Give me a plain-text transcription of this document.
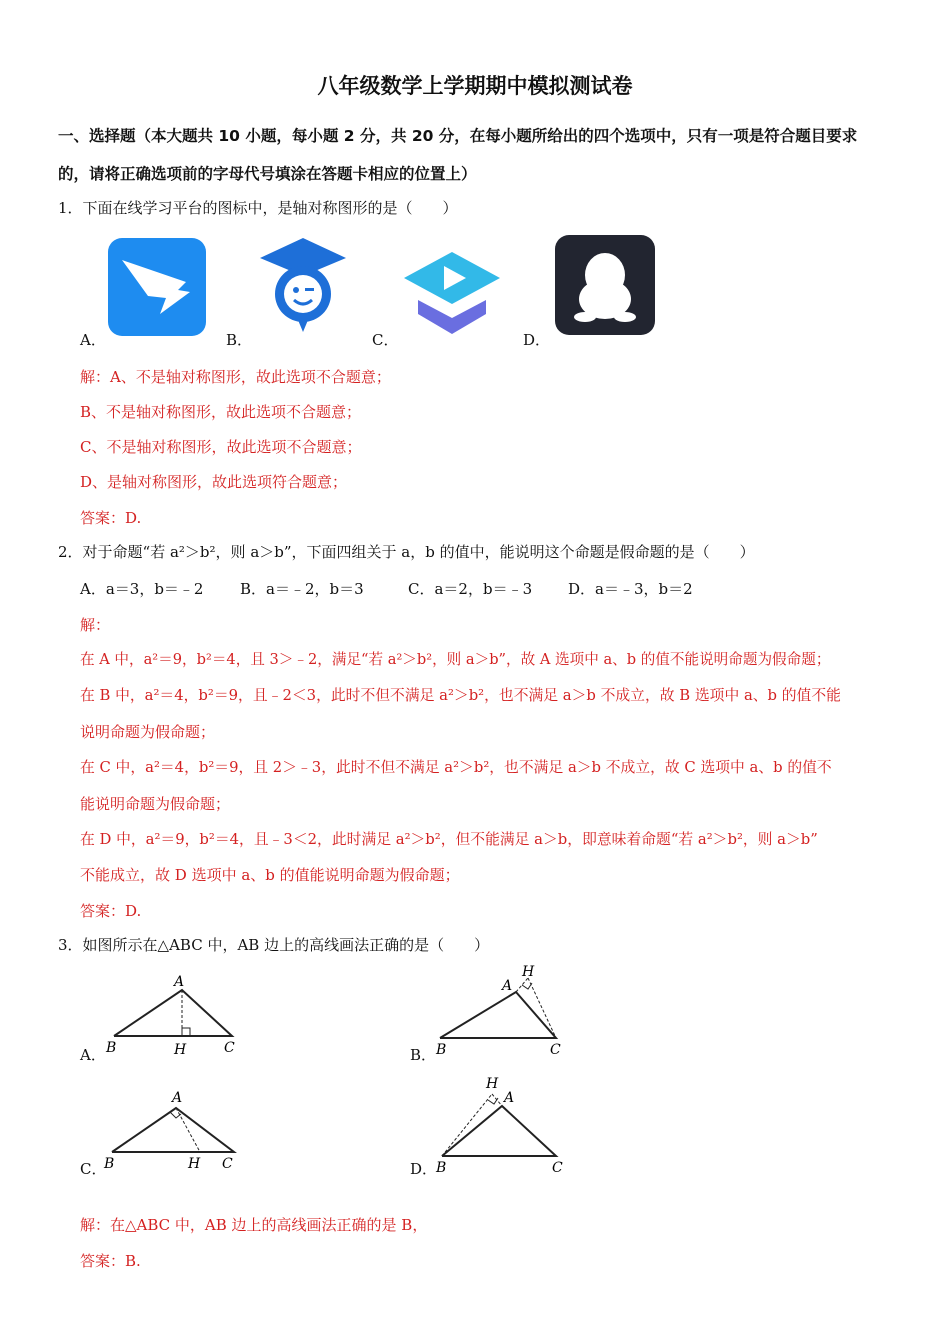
八年级数学上学期期中模拟测试卷
一、选择题（本大题共 10 小题，每小题 2 分，共 20 分，在每小题所给出的四个选项中，只有一项是符合题目要求
的，请将正确选项前的字母代号填涂在答题卡相应的位置上）
1．下面在线学习平台的图标中，是轴对称图形的是（　　）
A．	B．	C．	D．
解：A、不是轴对称图形，故此选项不合题意；
B、不是轴对称图形，故此选项不合题意；
C、不是轴对称图形，故此选项不合题意；
D、是轴对称图形，故此选项符合题意；
答案：D.
2．对于命题“若 a²＞b²，则 a＞b”，下面四组关于 a，b 的值中，能说明这个命题是假命题的是（　　）
A．a＝3，b＝﹣2 B．a＝﹣2，b＝3	C．a＝2，b＝﹣3 D．a＝﹣3，b＝2
解：
在 A 中，a²＝9，b²＝4，且 3＞﹣2，满足“若 a²＞b²，则 a＞b”，故 A 选项中 a、b 的值不能说明命题为假命题；
在 B 中，a²＝4，b²＝9，且﹣2＜3，此时不但不满足 a²＞b²，也不满足 a＞b 不成立，故 B 选项中 a、b 的值不能
说明命题为假命题；
在 C 中，a²＝4，b²＝9，且 2＞﹣3，此时不但不满足 a²＞b²，也不满足 a＞b 不成立，故 C 选项中 a、b 的值不
能说明命题为假命题；
在 D 中，a²＝9，b²＝4，且﹣3＜2，此时满足 a²＞b²，但不能满足 a＞b，即意味着命题“若 a²＞b²，则 a＞b”
不能成立，故 D 选项中 a、b 的值能说明命题为假命题；
答案：D.
3．如图所示在△ABC 中，AB 边上的高线画法正确的是（　　）
A．	B．
C．	D．
A
B	H	C
A
H
B	C
A
B	H C
H
A
B	C
解：在△ABC 中，AB 边上的高线画法正确的是 B，
答案：B.
